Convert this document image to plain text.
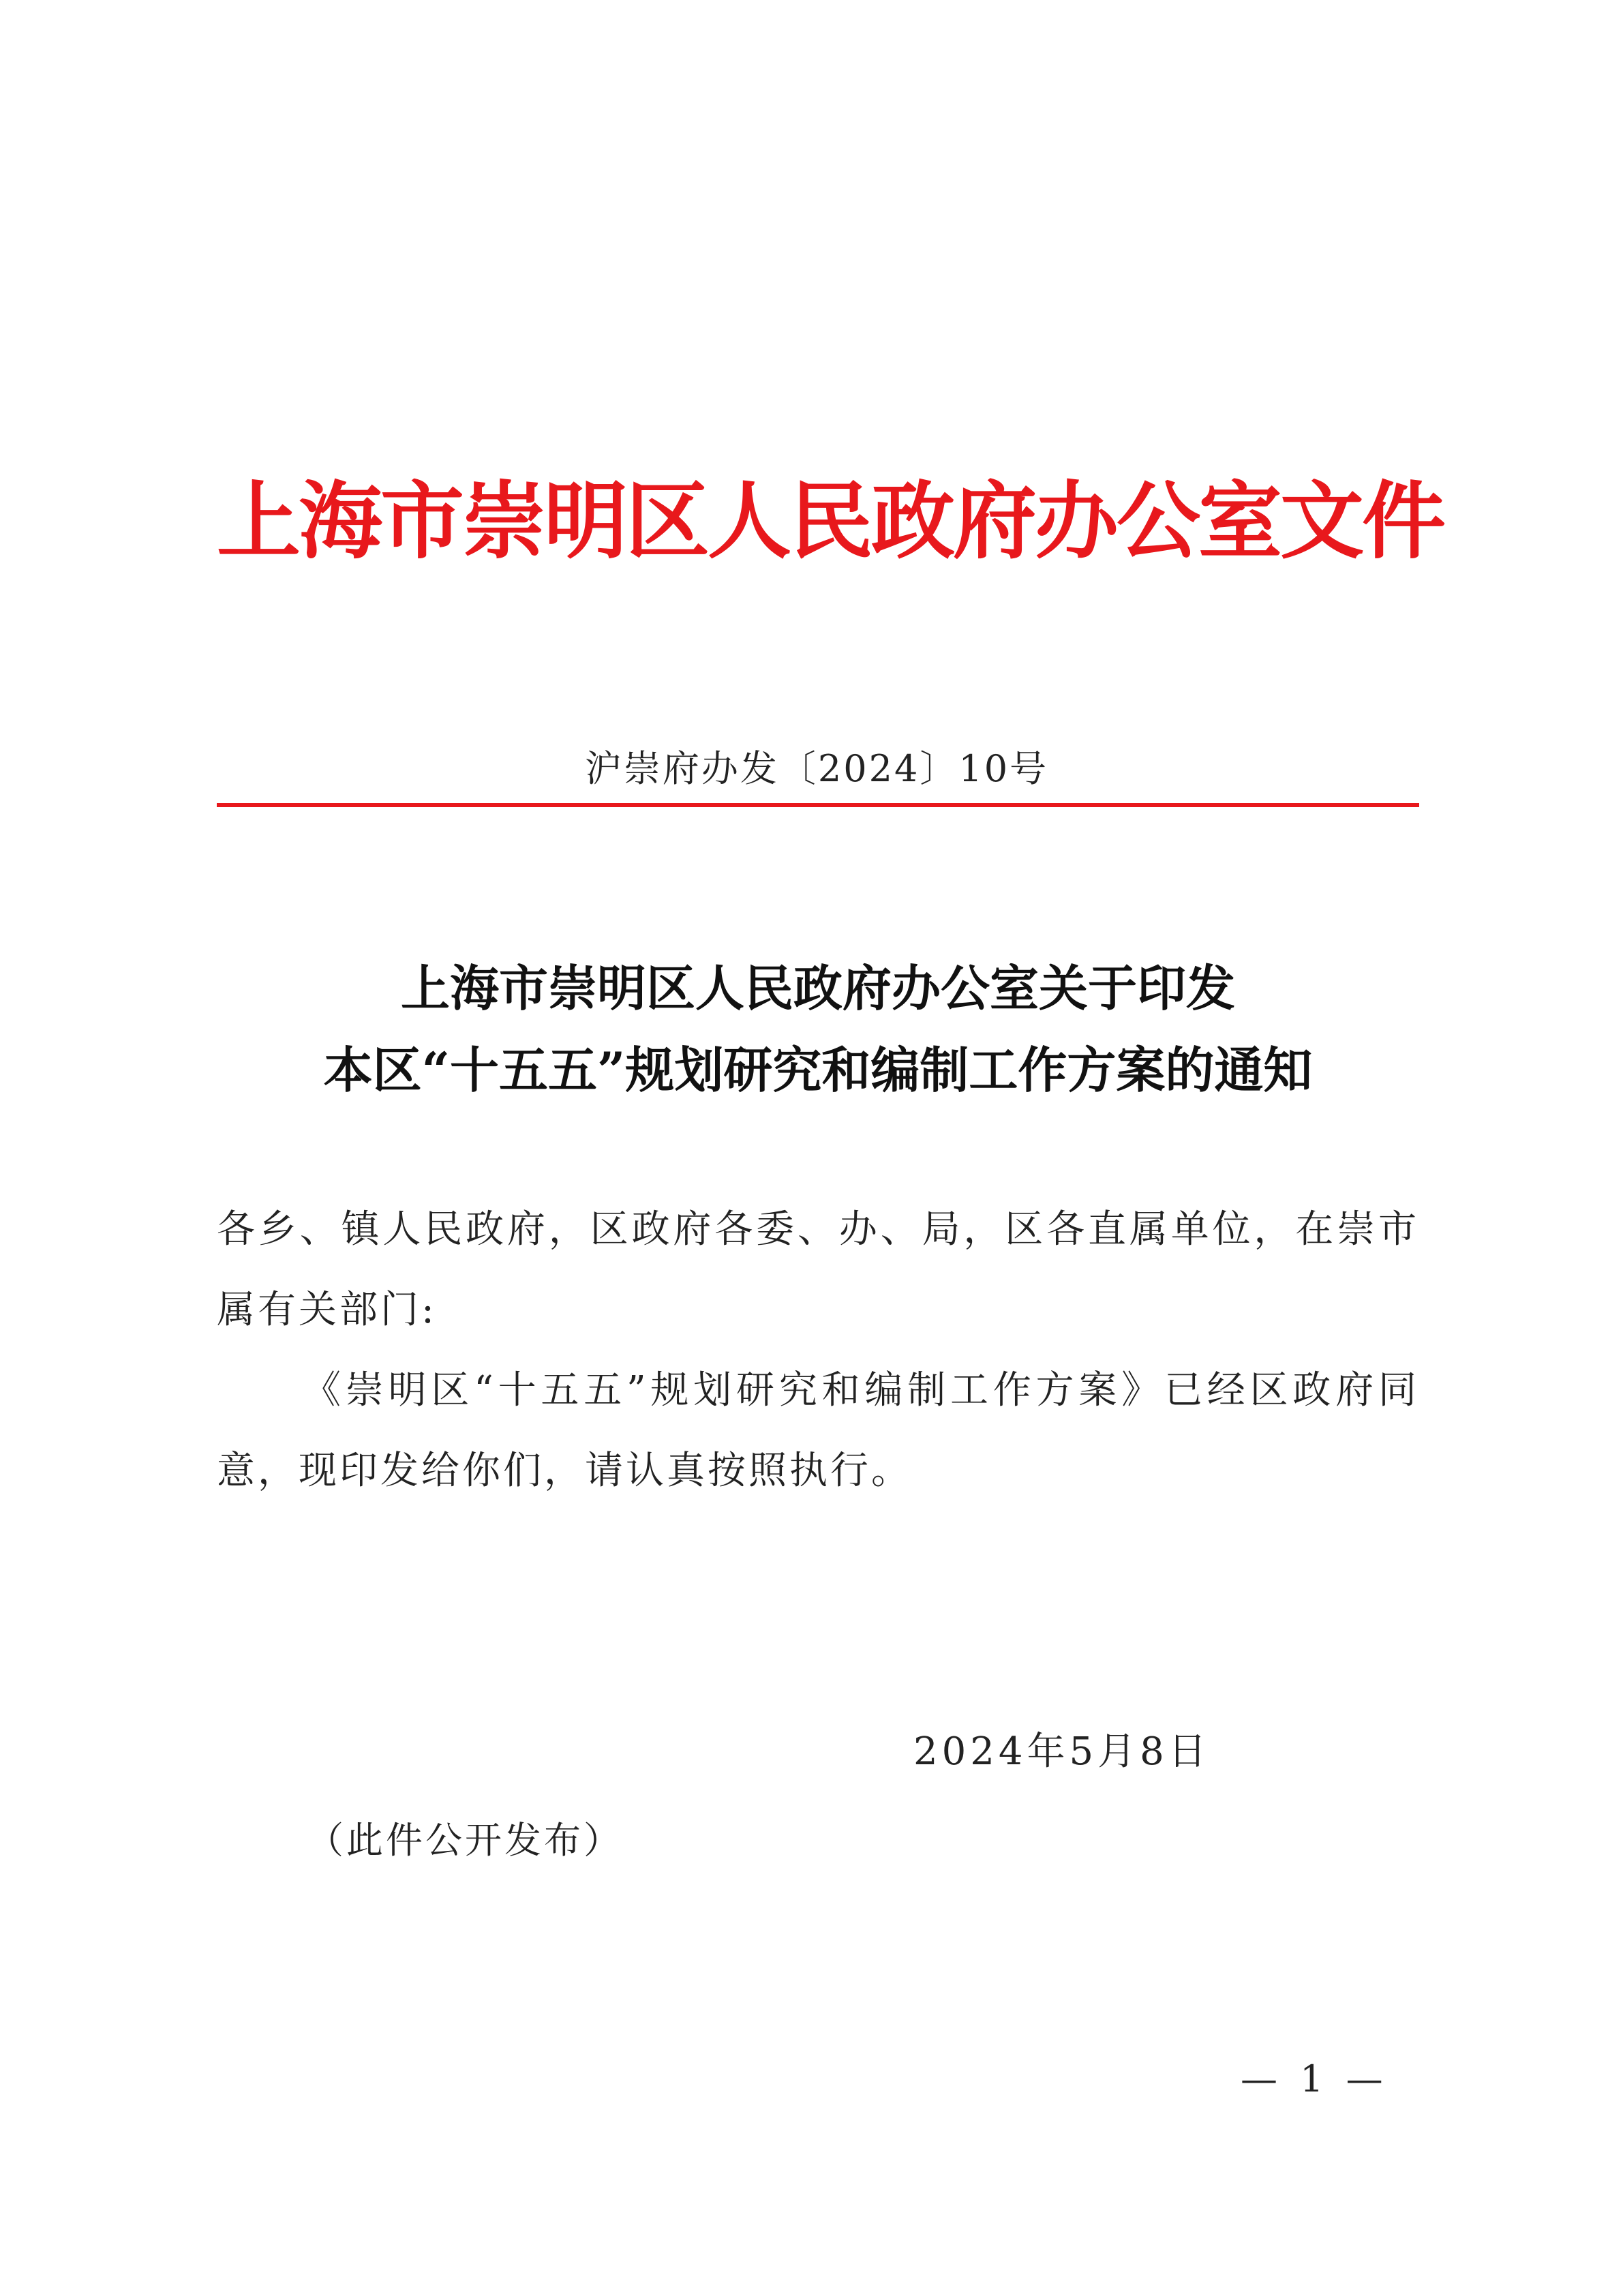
上海市崇明区人民政府办公室文件
沪崇府办发〔2024〕10号
上海市崇明区人民政府办公室关于印发
本区“十五五”规划研究和编制工作方案的通知
各乡、镇人民政府，区政府各委、办、局，区各直属单位，在崇市属有关部门:
《崇明区“十五五”规划研究和编制工作方案》已经区政府同意，现印发给你们，请认真按照执行。
2024年5月8日
（此件公开发布）
— 1 —
